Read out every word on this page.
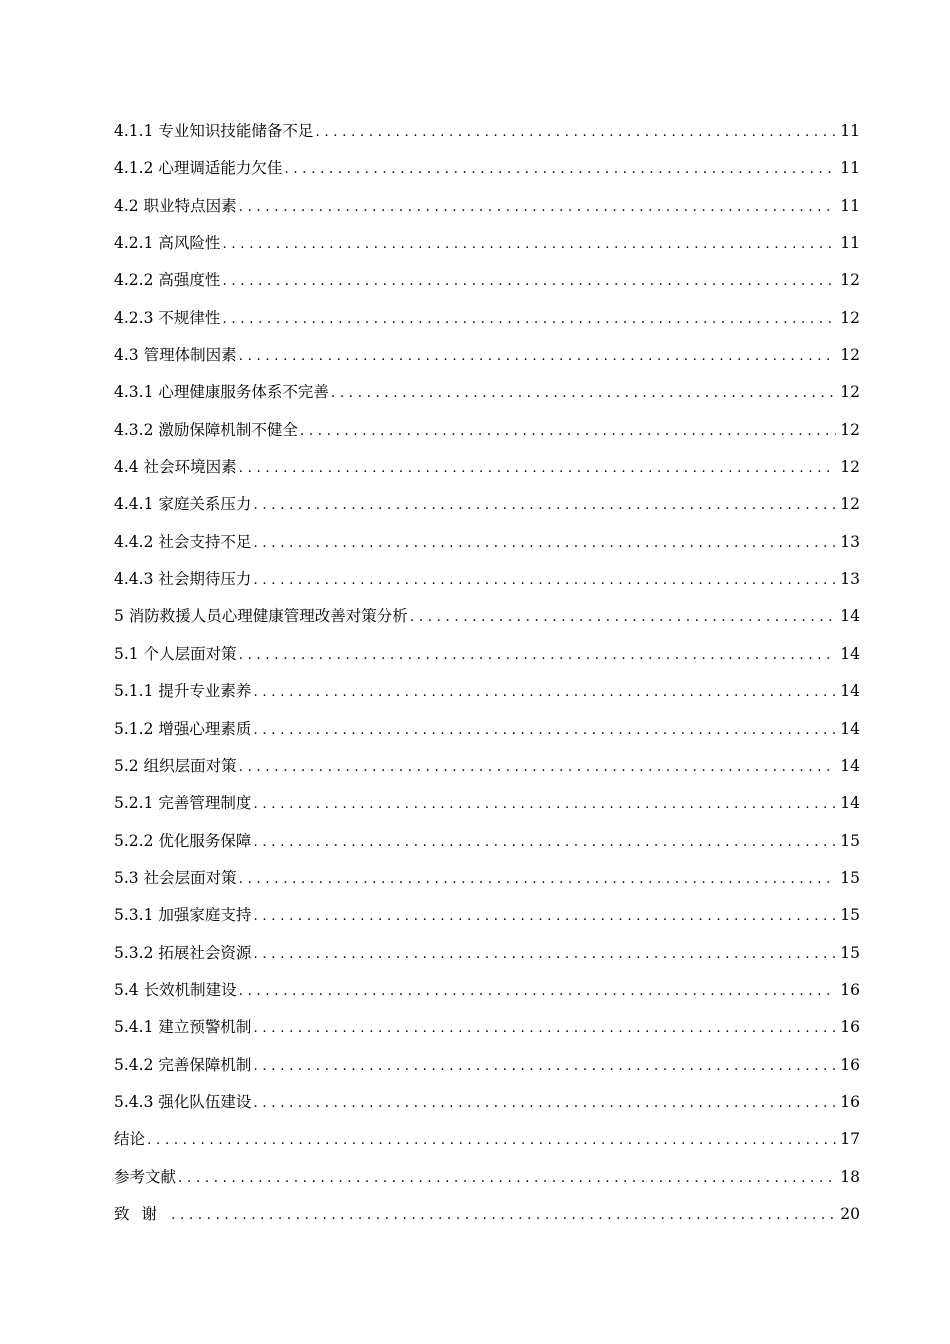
4.1.1 专业知识技能储备不足 . . .	11
4.1.2 心理调适能力欠佳 . . .	11
4.2 职业特点因素 . . .	11
4.2.1 高风险性 . . .	11
4.2.2 高强度性 . . .	12
4.2.3 不规律性 . . .	12
4.3 管理体制因素 . . .	12
4.3.1 心理健康服务体系不完善 . . .	12
4.3.2 激励保障机制不健全 . . .	12
4.4 社会环境因素 . . .	12
4.4.1 家庭关系压力 . . .	12
4.4.2 社会支持不足 . . .	13
4.4.3 社会期待压力 . . .	13
5 消防救援人员心理健康管理改善对策分析 . . .	14
5.1 个人层面对策 . . .	14
5.1.1 提升专业素养 . . .	14
5.1.2 增强心理素质 . . .	14
5.2 组织层面对策 . . .	14
5.2.1 完善管理制度 . . .	14
5.2.2 优化服务保障 . . .	15
5.3 社会层面对策 . . .	15
5.3.1 加强家庭支持 . . .	15
5.3.2 拓展社会资源 . . .	15
5.4 长效机制建设 . . .	16
5.4.1 建立预警机制 . . .	16
5.4.2 完善保障机制 . . .	16
5.4.3 强化队伍建设 . . .	16
结论 . . .	17
参考文献 . . .	18
致谢 . . .	20
